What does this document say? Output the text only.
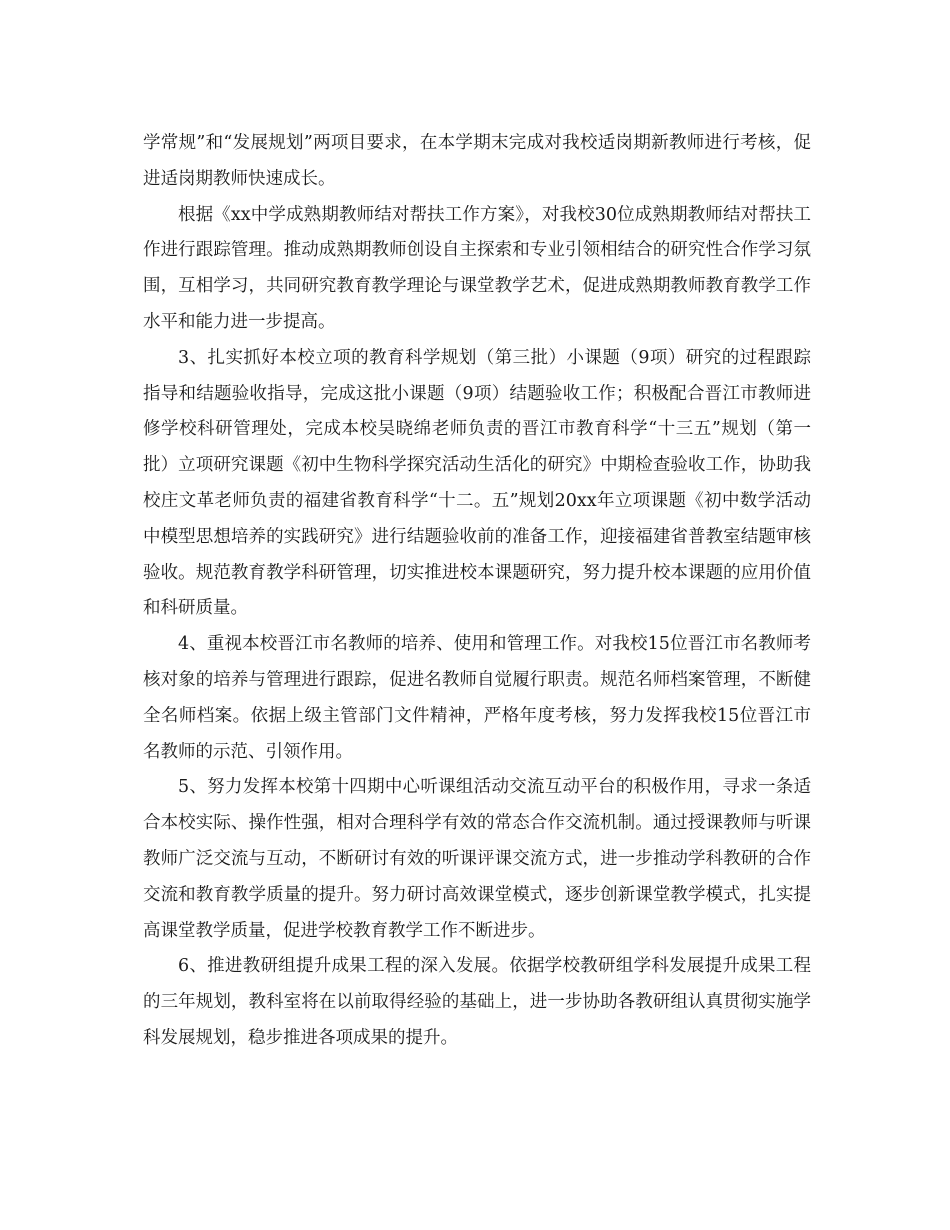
学常规”和“发展规划”两项目要求，在本学期末完成对我校适岗期新教师进行考核，促进适岗期教师快速成长。

根据《xx中学成熟期教师结对帮扶工作方案》，对我校30位成熟期教师结对帮扶工作进行跟踪管理。推动成熟期教师创设自主探索和专业引领相结合的研究性合作学习氛围，互相学习，共同研究教育教学理论与课堂教学艺术，促进成熟期教师教育教学工作水平和能力进一步提高。

3、扎实抓好本校立项的教育科学规划（第三批）小课题（9项）研究的过程跟踪指导和结题验收指导，完成这批小课题（9项）结题验收工作；积极配合晋江市教师进修学校科研管理处，完成本校吴晓绵老师负责的晋江市教育科学“十三五”规划（第一批）立项研究课题《初中生物科学探究活动生活化的研究》中期检查验收工作，协助我校庄文革老师负责的福建省教育科学“十二。五”规划20xx年立项课题《初中数学活动中模型思想培养的实践研究》进行结题验收前的准备工作，迎接福建省普教室结题审核验收。规范教育教学科研管理，切实推进校本课题研究，努力提升校本课题的应用价值和科研质量。

4、重视本校晋江市名教师的培养、使用和管理工作。对我校15位晋江市名教师考核对象的培养与管理进行跟踪，促进名教师自觉履行职责。规范名师档案管理，不断健全名师档案。依据上级主管部门文件精神，严格年度考核，努力发挥我校15位晋江市名教师的示范、引领作用。

5、努力发挥本校第十四期中心听课组活动交流互动平台的积极作用，寻求一条适合本校实际、操作性强，相对合理科学有效的常态合作交流机制。通过授课教师与听课教师广泛交流与互动，不断研讨有效的听课评课交流方式，进一步推动学科教研的合作交流和教育教学质量的提升。努力研讨高效课堂模式，逐步创新课堂教学模式，扎实提高课堂教学质量，促进学校教育教学工作不断进步。

6、推进教研组提升成果工程的深入发展。依据学校教研组学科发展提升成果工程的三年规划，教科室将在以前取得经验的基础上，进一步协助各教研组认真贯彻实施学科发展规划，稳步推进各项成果的提升。
